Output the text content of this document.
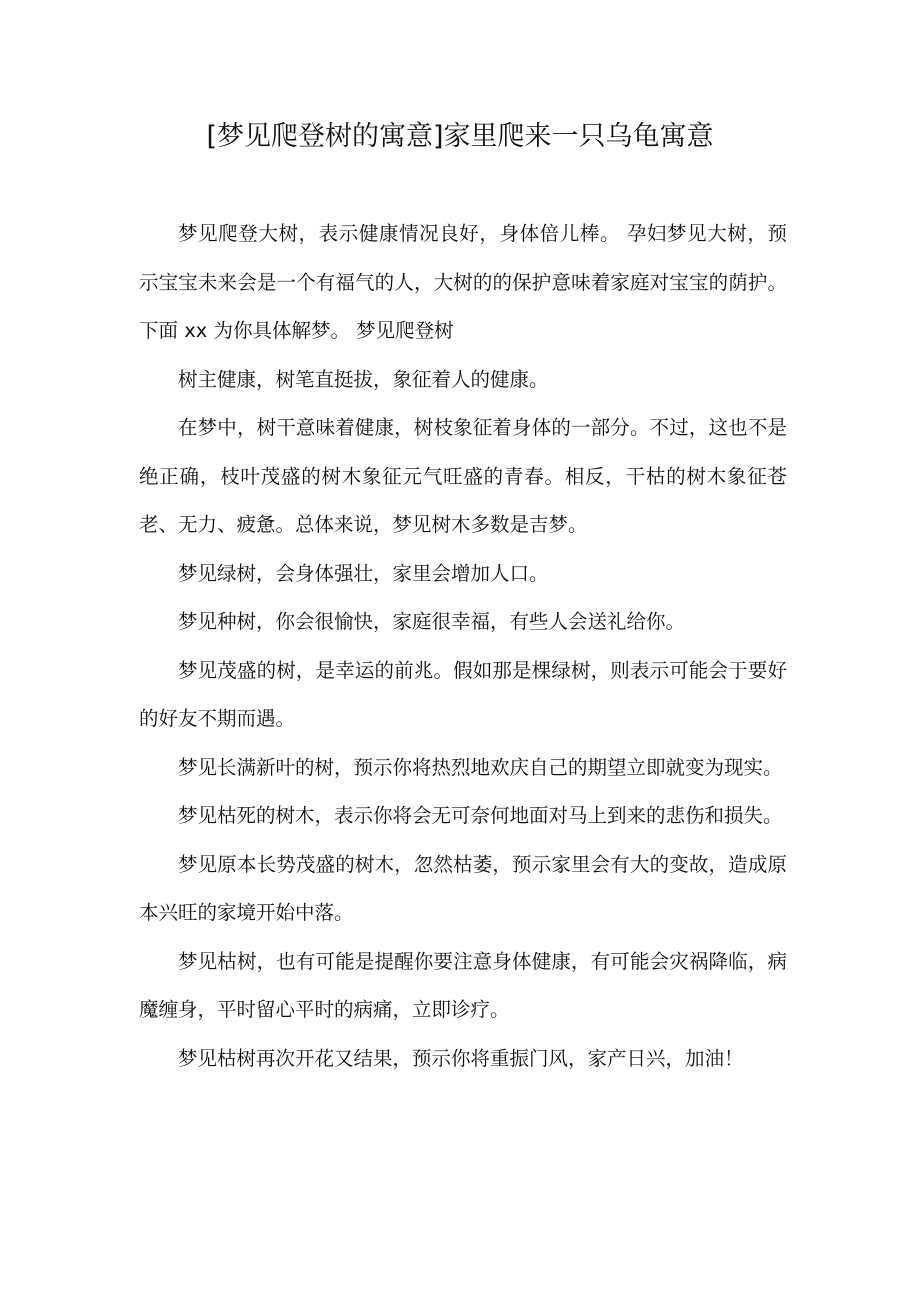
[梦见爬登树的寓意]家里爬来一只乌龟寓意

梦见爬登大树，表示健康情况良好，身体倍儿棒。 孕妇梦见大树，预示宝宝未来会是一个有福气的人，大树的的保护意味着家庭对宝宝的荫护。 下面 xx 为你具体解梦。 梦见爬登树

树主健康，树笔直挺拔，象征着人的健康。

在梦中，树干意味着健康，树枝象征着身体的一部分。不过，这也不是绝正确，枝叶茂盛的树木象征元气旺盛的青春。相反，干枯的树木象征苍老、无力、疲惫。总体来说，梦见树木多数是吉梦。

梦见绿树，会身体强壮，家里会增加人口。

梦见种树，你会很愉快，家庭很幸福，有些人会送礼给你。

梦见茂盛的树，是幸运的前兆。假如那是棵绿树，则表示可能会于要好的好友不期而遇。

梦见长满新叶的树，预示你将热烈地欢庆自己的期望立即就变为现实。

梦见枯死的树木，表示你将会无可奈何地面对马上到来的悲伤和损失。

梦见原本长势茂盛的树木，忽然枯萎，预示家里会有大的变故，造成原本兴旺的家境开始中落。

梦见枯树，也有可能是提醒你要注意身体健康，有可能会灾祸降临，病魔缠身，平时留心平时的病痛，立即诊疗。

梦见枯树再次开花又结果，预示你将重振门风，家产日兴，加油！
